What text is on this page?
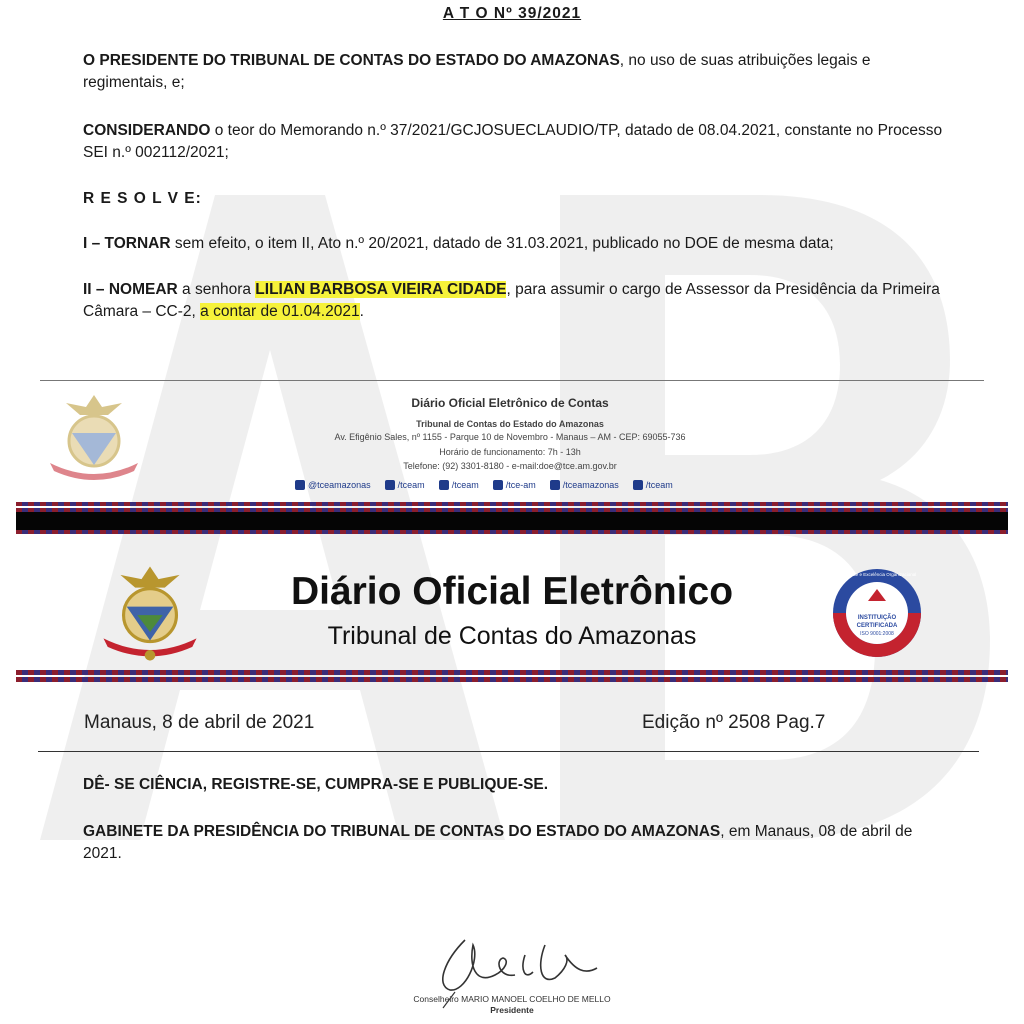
A T O Nº 39/2021
O PRESIDENTE DO TRIBUNAL DE CONTAS DO ESTADO DO AMAZONAS, no uso de suas atribuições legais e regimentais, e;
CONSIDERANDO o teor do Memorando n.º 37/2021/GCJOSUECLAUDIO/TP, datado de 08.04.2021, constante no Processo SEI n.º 002112/2021;
R E S O L V E:
I – TORNAR sem efeito, o item II, Ato n.º 20/2021, datado de 31.03.2021, publicado no DOE de mesma data;
II – NOMEAR a senhora LILIAN BARBOSA VIEIRA CIDADE, para assumir o cargo de Assessor da Presidência da Primeira Câmara – CC-2, a contar de 01.04.2021.
Diário Oficial Eletrônico de Contas
Tribunal de Contas do Estado do Amazonas
Av. Efigênio Sales, nº 1155 - Parque 10 de Novembro - Manaus – AM - CEP: 69055-736
Horário de funcionamento: 7h - 13h
Telefone: (92) 3301-8180 - e-mail:doe@tce.am.gov.br
@tceamazonas	/tceam	/tceam	/tce-am	/tceamazonas	/tceam
Diário Oficial Eletrônico
Tribunal de Contas do Amazonas
INSTITUIÇÃO
CERTIFICADA
ISO 9001:2008
Qualidade e Excelência Organizacional
Manaus, 8 de abril de 2021	Edição nº 2508 Pag.7
DÊ- SE CIÊNCIA, REGISTRE-SE, CUMPRA-SE E PUBLIQUE-SE.
GABINETE DA PRESIDÊNCIA DO TRIBUNAL DE CONTAS DO ESTADO DO AMAZONAS, em Manaus, 08 de abril de 2021.
Conselheiro MARIO MANOEL COELHO DE MELLO
Presidente
